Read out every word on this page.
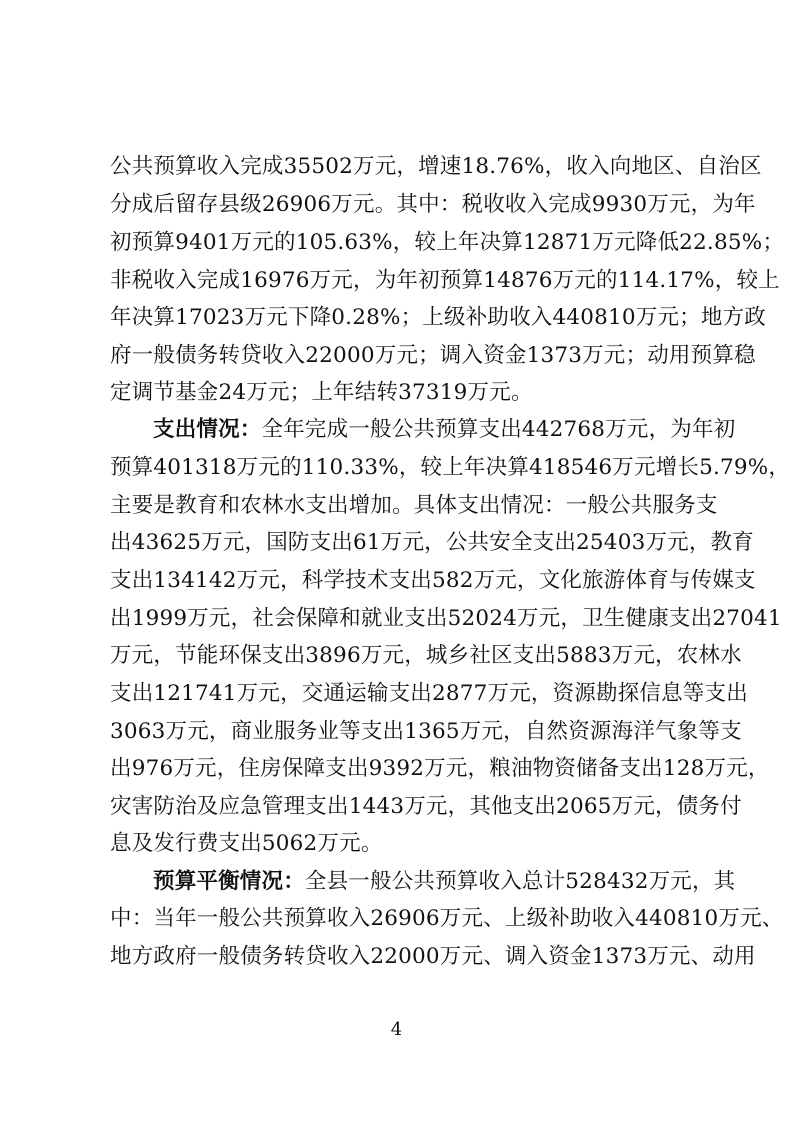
公共预算收入完成35502万元，增速18.76%，收入向地区、自治区
分成后留存县级26906万元。其中：税收收入完成9930万元，为年
初预算9401万元的105.63%，较上年决算12871万元降低22.85%；
非税收入完成16976万元，为年初预算14876万元的114.17%，较上
年决算17023万元下降0.28%；上级补助收入440810万元；地方政
府一般债务转贷收入22000万元；调入资金1373万元；动用预算稳
定调节基金24万元；上年结转37319万元。
支出情况：全年完成一般公共预算支出442768万元，为年初
预算401318万元的110.33%，较上年决算418546万元增长5.79%，
主要是教育和农林水支出增加。具体支出情况：一般公共服务支
出43625万元，国防支出61万元，公共安全支出25403万元，教育
支出134142万元，科学技术支出582万元，文化旅游体育与传媒支
出1999万元，社会保障和就业支出52024万元，卫生健康支出27041
万元，节能环保支出3896万元，城乡社区支出5883万元，农林水
支出121741万元，交通运输支出2877万元，资源勘探信息等支出
3063万元，商业服务业等支出1365万元，自然资源海洋气象等支
出976万元，住房保障支出9392万元，粮油物资储备支出128万元，
灾害防治及应急管理支出1443万元，其他支出2065万元，债务付
息及发行费支出5062万元。
预算平衡情况：全县一般公共预算收入总计528432万元，其
中：当年一般公共预算收入26906万元、上级补助收入440810万元、
地方政府一般债务转贷收入22000万元、调入资金1373万元、动用
4
